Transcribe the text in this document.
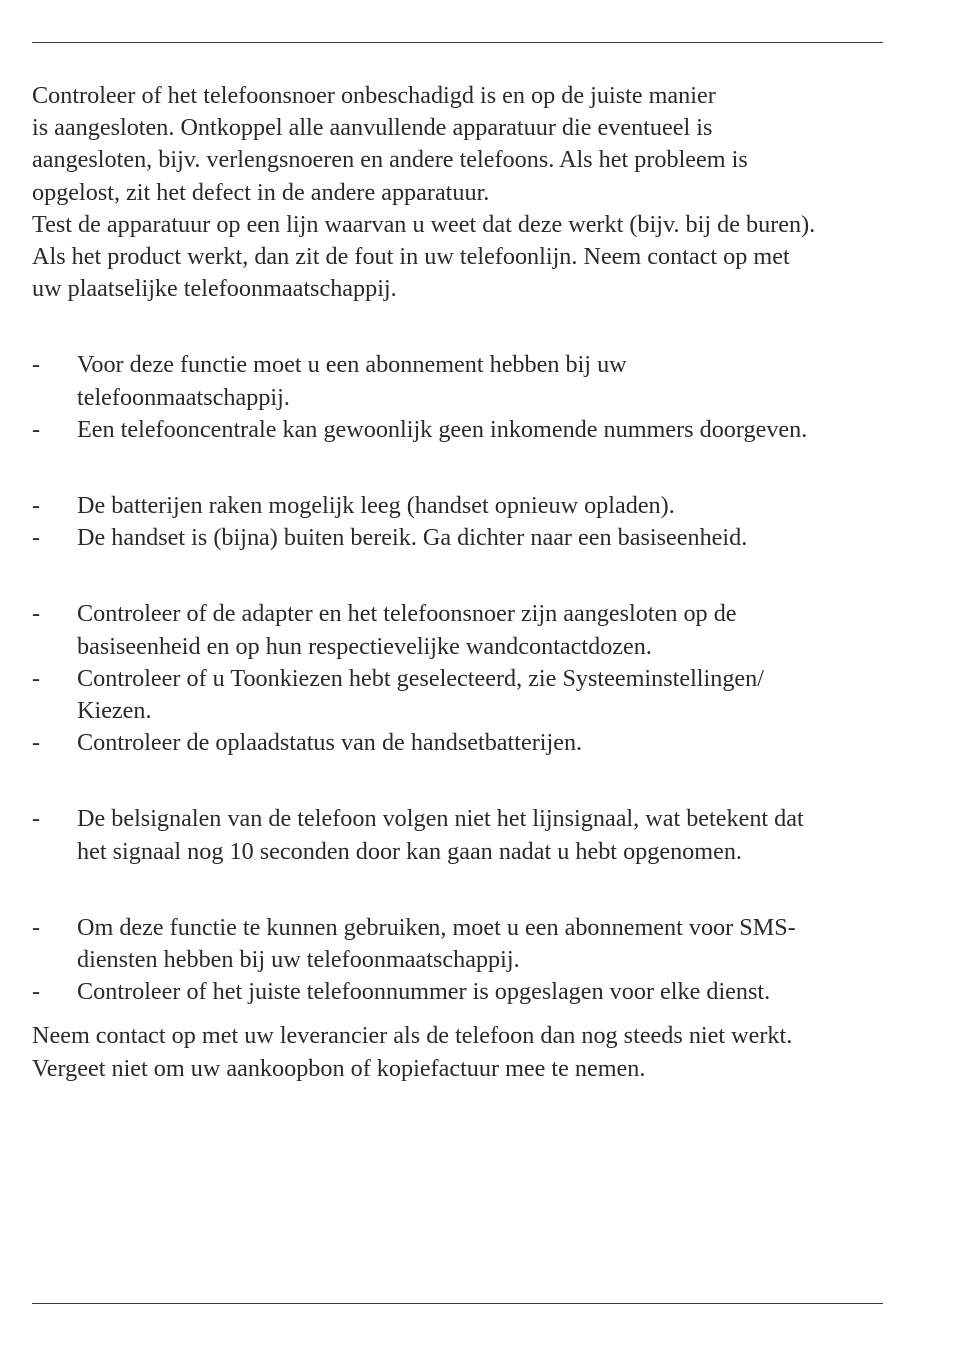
Controleer of het telefoonsnoer onbeschadigd is en op de juiste manier
is aangesloten. Ontkoppel alle aanvullende apparatuur die eventueel is
aangesloten, bijv. verlengsnoeren en andere telefoons. Als het probleem is
opgelost, zit het defect in de andere apparatuur.
Test de apparatuur op een lijn waarvan u weet dat deze werkt (bijv. bij de buren).
Als het product werkt, dan zit de fout in uw telefoonlijn. Neem contact op met
uw plaatselijke telefoonmaatschappij.

- Voor deze functie moet u een abonnement hebben bij uw
telefoonmaatschappij.
- Een telefooncentrale kan gewoonlijk geen inkomende nummers doorgeven.
- De batterijen raken mogelijk leeg (handset opnieuw opladen).
- De handset is (bijna) buiten bereik. Ga dichter naar een basiseenheid.
- Controleer of de adapter en het telefoonsnoer zijn aangesloten op de
basiseenheid en op hun respectievelijke wandcontactdozen.
- Controleer of u Toonkiezen hebt geselecteerd, zie Systeeminstellingen/
Kiezen.
- Controleer de oplaadstatus van de handsetbatterijen.
- De belsignalen van de telefoon volgen niet het lijnsignaal, wat betekent dat
het signaal nog 10 seconden door kan gaan nadat u hebt opgenomen.
- Om deze functie te kunnen gebruiken, moet u een abonnement voor SMS-
diensten hebben bij uw telefoonmaatschappij.
- Controleer of het juiste telefoonnummer is opgeslagen voor elke dienst.

Neem contact op met uw leverancier als de telefoon dan nog steeds niet werkt.
Vergeet niet om uw aankoopbon of kopiefactuur mee te nemen.
